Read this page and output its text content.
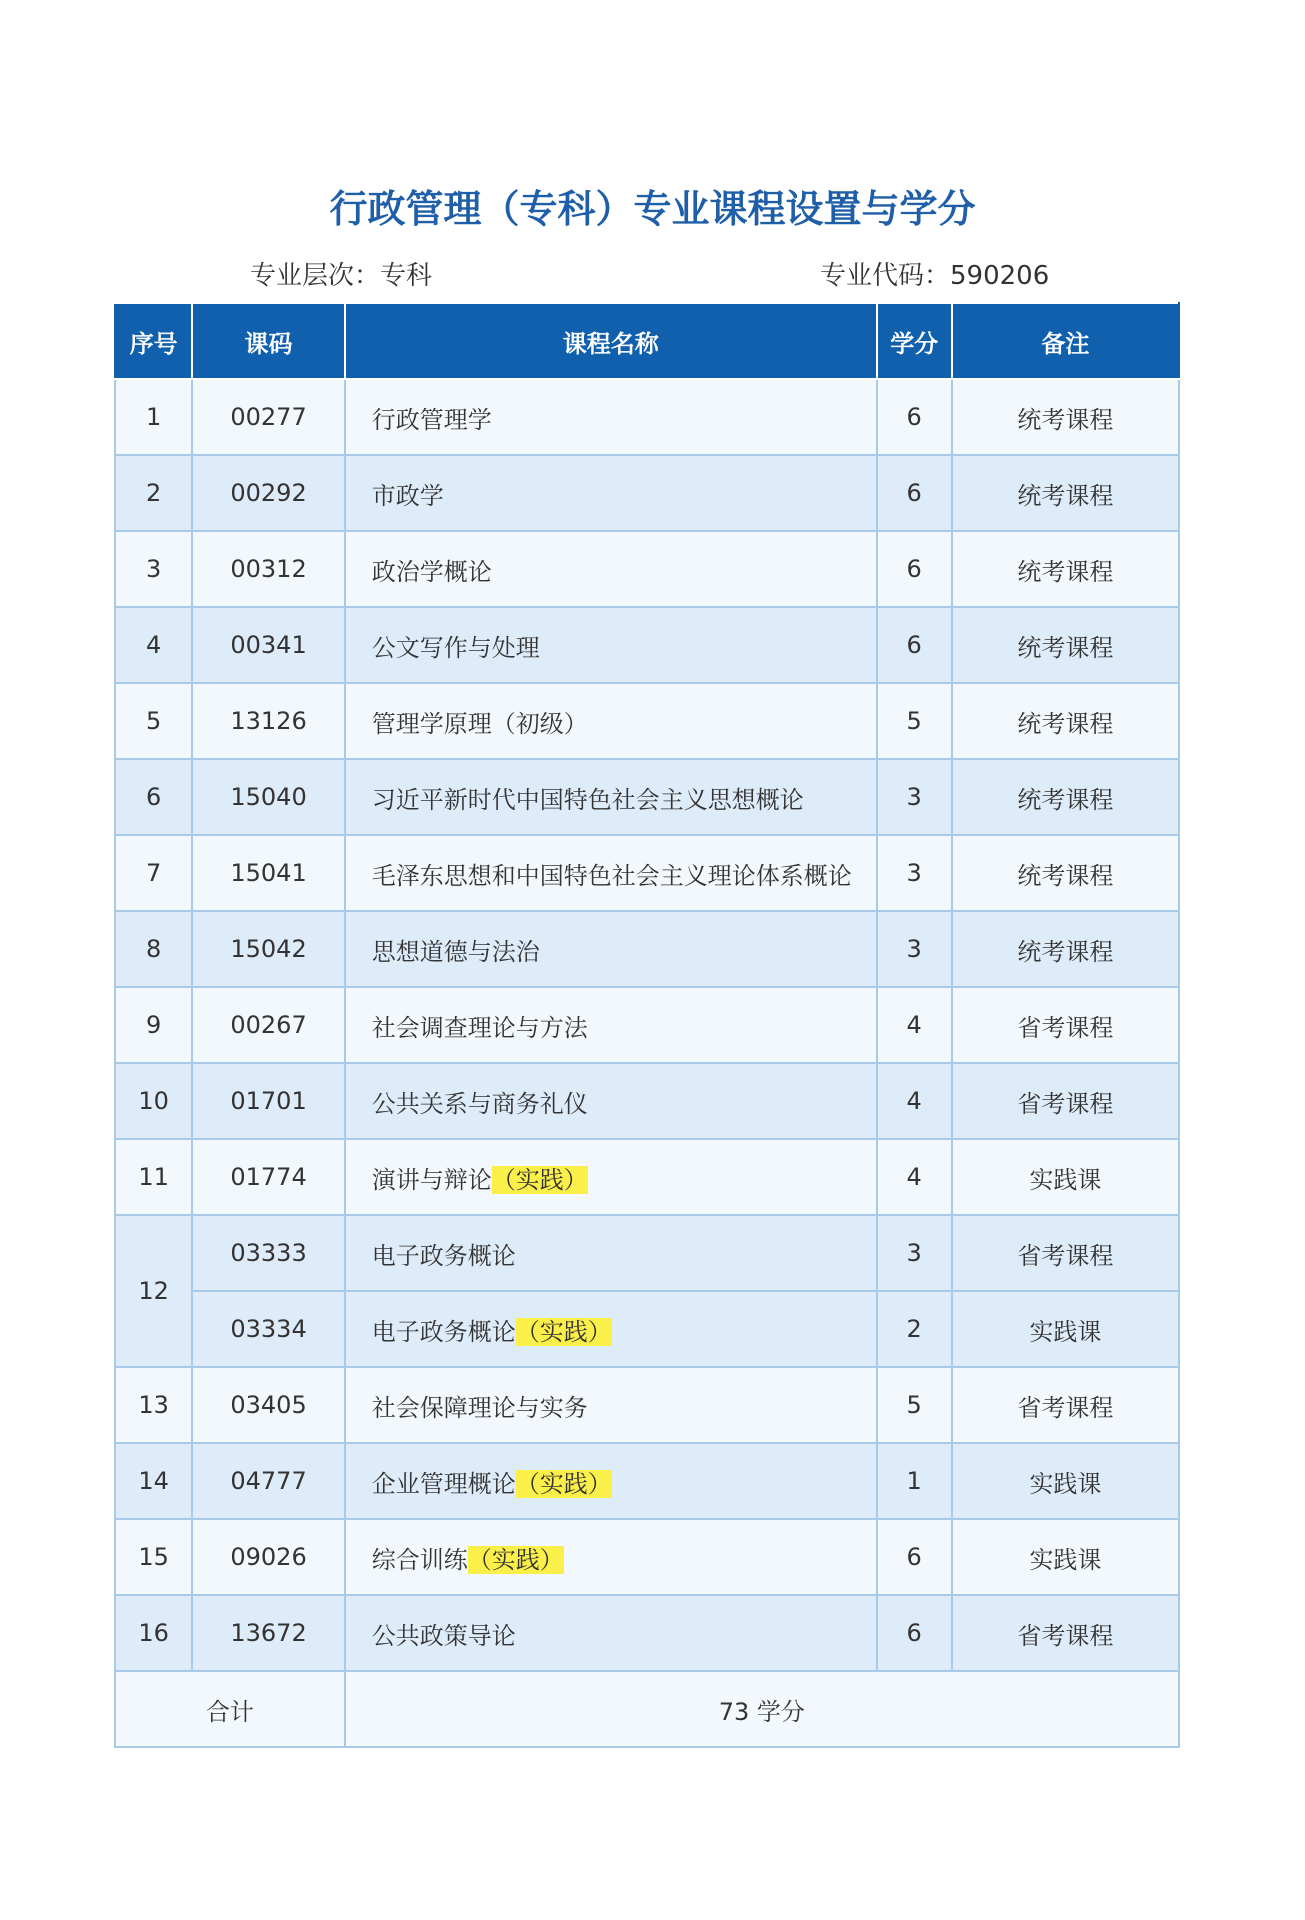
行政管理（专科）专业课程设置与学分
专业层次：专科	专业代码：590206
序号	课码	课程名称	学分	备注
1	00277	行政管理学	6	统考课程
2	00292	市政学	6	统考课程
3	00312	政治学概论	6	统考课程
4	00341	公文写作与处理	6	统考课程
5	13126	管理学原理（初级）	5	统考课程
6	15040	习近平新时代中国特色社会主义思想概论	3	统考课程
7	15041	毛泽东思想和中国特色社会主义理论体系概论	3	统考课程
8	15042	思想道德与法治	3	统考课程
9	00267	社会调查理论与方法	4	省考课程
10	01701	公共关系与商务礼仪	4	省考课程
11	01774	演讲与辩论（实践）	4	实践课
12	03333	电子政务概论	3	省考课程
	03334	电子政务概论（实践）	2	实践课
13	03405	社会保障理论与实务	5	省考课程
14	04777	企业管理概论（实践）	1	实践课
15	09026	综合训练（实践）	6	实践课
16	13672	公共政策导论	6	省考课程
合计		73 学分		
